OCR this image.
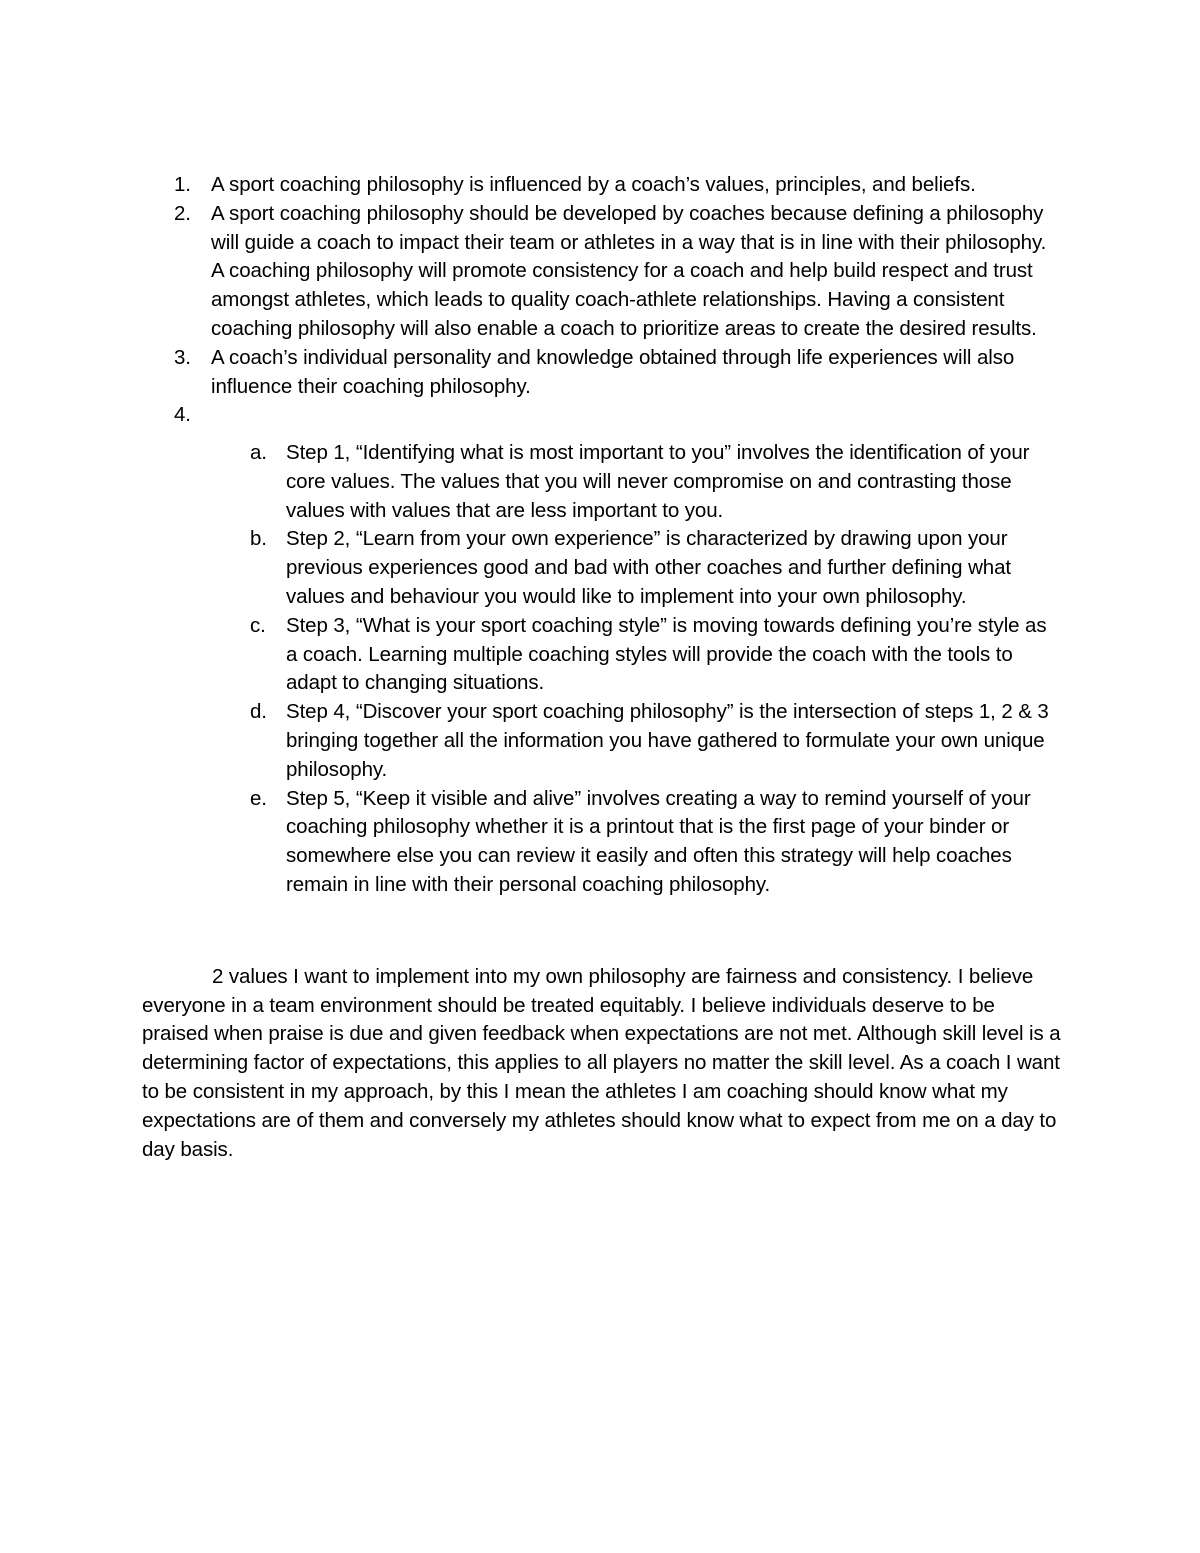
1. A sport coaching philosophy is influenced by a coach’s values, principles, and beliefs.
2. A sport coaching philosophy should be developed by coaches because defining a philosophy will guide a coach to impact their team or athletes in a way that is in line with their philosophy. A coaching philosophy will promote consistency for a coach and help build respect and trust amongst athletes, which leads to quality coach-athlete relationships. Having a consistent coaching philosophy will also enable a coach to prioritize areas to create the desired results.
3. A coach’s individual personality and knowledge obtained through life experiences will also influence their coaching philosophy.
4.
a. Step 1, “Identifying what is most important to you” involves the identification of your core values. The values that you will never compromise on and contrasting those values with values that are less important to you.
b. Step 2, “Learn from your own experience” is characterized by drawing upon your previous experiences good and bad with other coaches and further defining what values and behaviour you would like to implement into your own philosophy.
c. Step 3, “What is your sport coaching style” is moving towards defining you’re style as a coach. Learning multiple coaching styles will provide the coach with the tools to adapt to changing situations.
d. Step 4, “Discover your sport coaching philosophy” is the intersection of steps 1, 2 & 3 bringing together all the information you have gathered to formulate your own unique philosophy.
e. Step 5, “Keep it visible and alive” involves creating a way to remind yourself of your coaching philosophy whether it is a printout that is the first page of your binder or somewhere else you can review it easily and often this strategy will help coaches remain in line with their personal coaching philosophy.

2 values I want to implement into my own philosophy are fairness and consistency. I believe everyone in a team environment should be treated equitably. I believe individuals deserve to be praised when praise is due and given feedback when expectations are not met. Although skill level is a determining factor of expectations, this applies to all players no matter the skill level. As a coach I want to be consistent in my approach, by this I mean the athletes I am coaching should know what my expectations are of them and conversely my athletes should know what to expect from me on a day to day basis.
